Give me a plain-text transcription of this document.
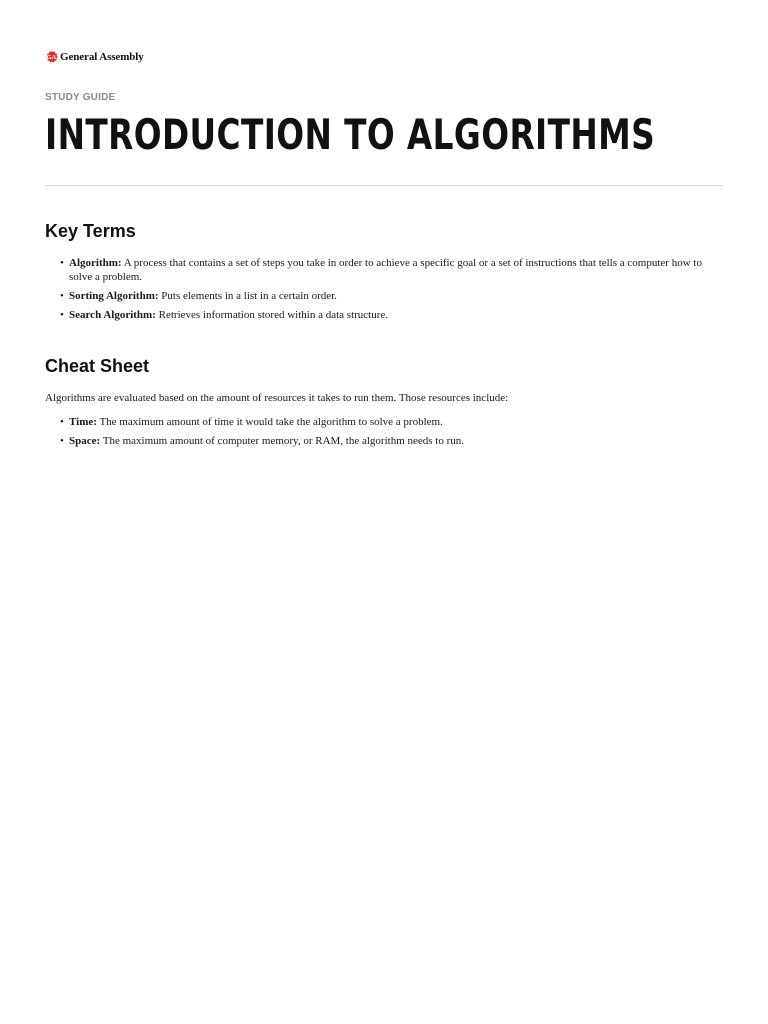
GA General Assembly
STUDY GUIDE
INTRODUCTION TO ALGORITHMS
Key Terms
• Algorithm: A process that contains a set of steps you take in order to achieve a specific goal or a set of instructions that tells a computer how to solve a problem.
• Sorting Algorithm: Puts elements in a list in a certain order.
• Search Algorithm: Retrieves information stored within a data structure.
Cheat Sheet

Algorithms are evaluated based on the amount of resources it takes to run them. Those resources include:

• Time: The maximum amount of time it would take the algorithm to solve a problem.
• Space: The maximum amount of computer memory, or RAM, the algorithm needs to run.
